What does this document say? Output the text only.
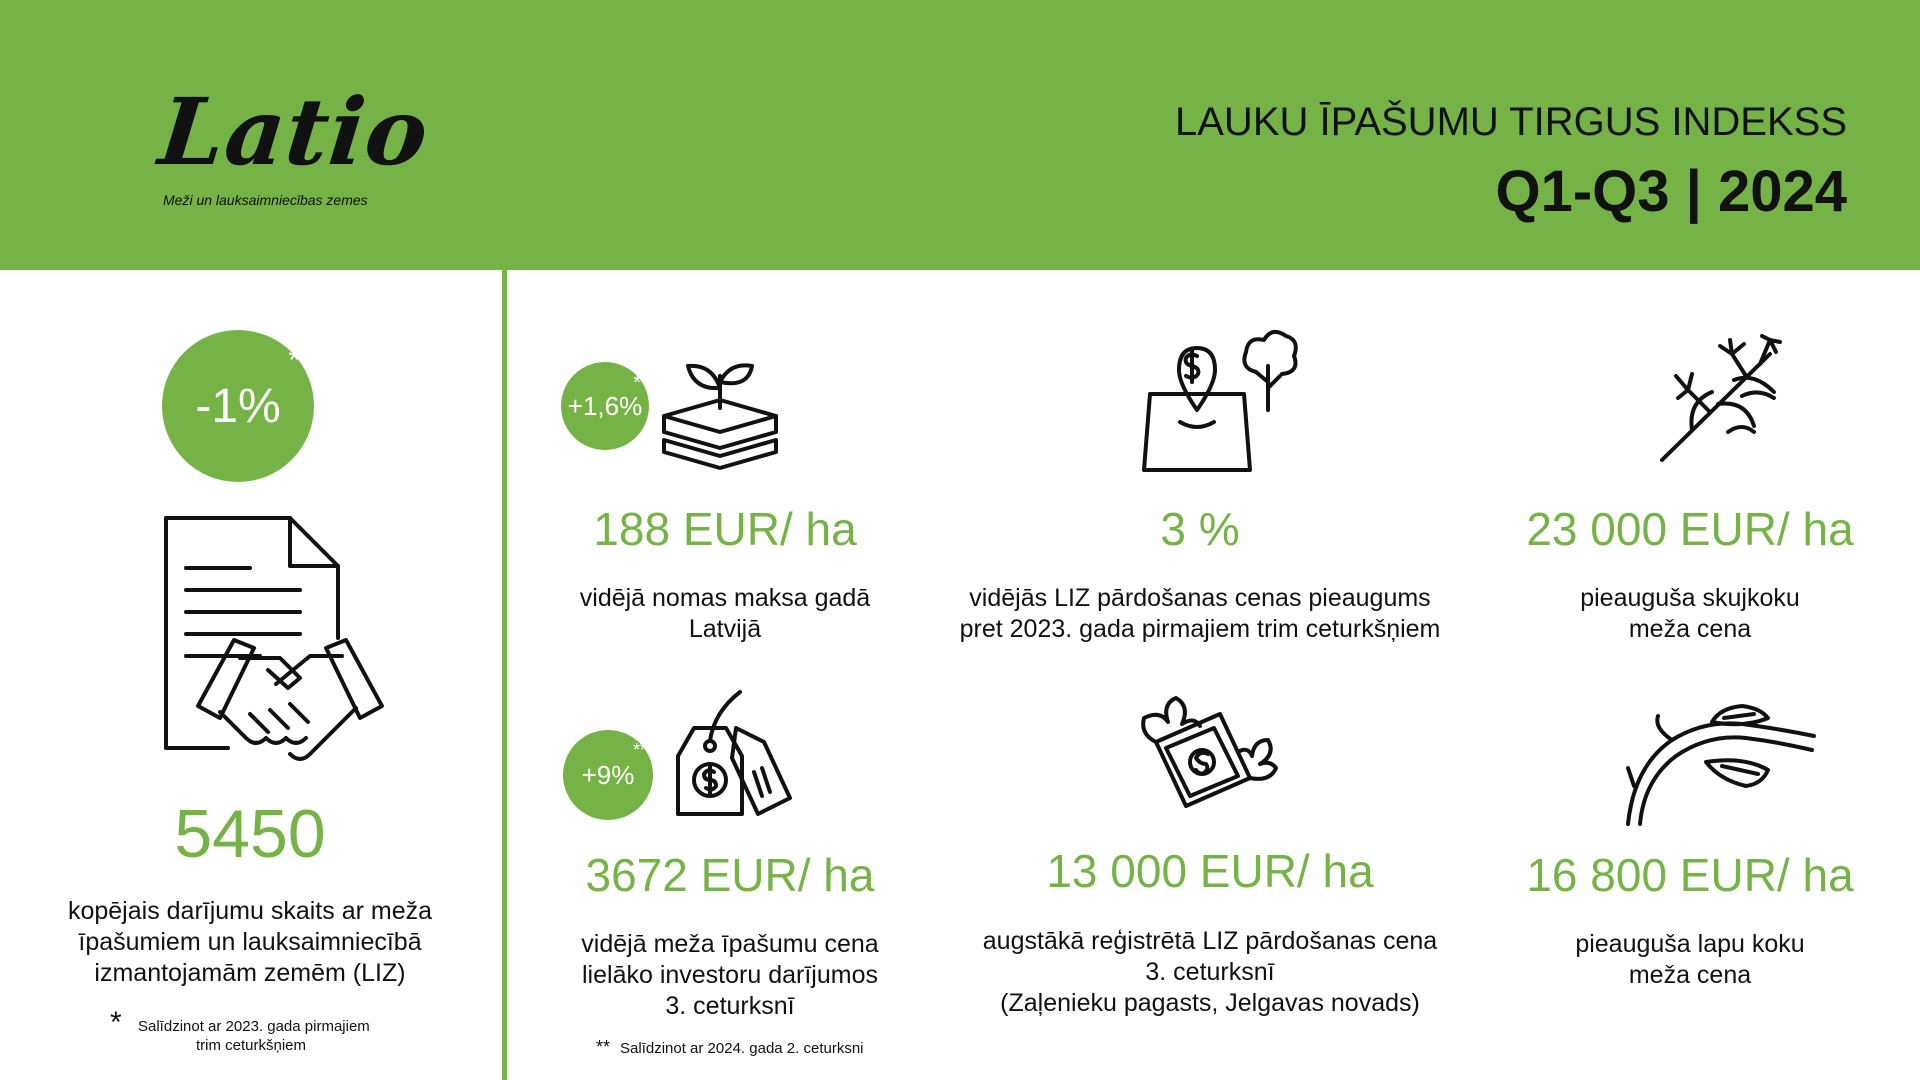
Latio
Meži un lauksaimniecības zemes
LAUKU ĪPAŠUMU TIRGUS INDEKSS
Q1-Q3 | 2024
-1%
*
5450
kopējais darījumu skaits ar meža
īpašumiem un lauksaimniecībā
izmantojamām zemēm (LIZ)
* Salīdzinot ar 2023. gada pirmajiem
trim ceturkšņiem
+1,6%
*
188 EUR/ ha
vidējā nomas maksa gadā
Latvijā
3 %
vidējās LIZ pārdošanas cenas pieaugums
pret 2023. gada pirmajiem trim ceturkšņiem
23 000 EUR/ ha
pieauguša skujkoku
meža cena
+9%
**
3672 EUR/ ha
vidējā meža īpašumu cena
lielāko investoru darījumos
3. ceturksnī
** Salīdzinot ar 2024. gada 2. ceturksni
13 000 EUR/ ha
augstākā reģistrētā LIZ pārdošanas cena
3. ceturksnī
(Zaļenieku pagasts, Jelgavas novads)
16 800 EUR/ ha
pieauguša lapu koku
meža cena
